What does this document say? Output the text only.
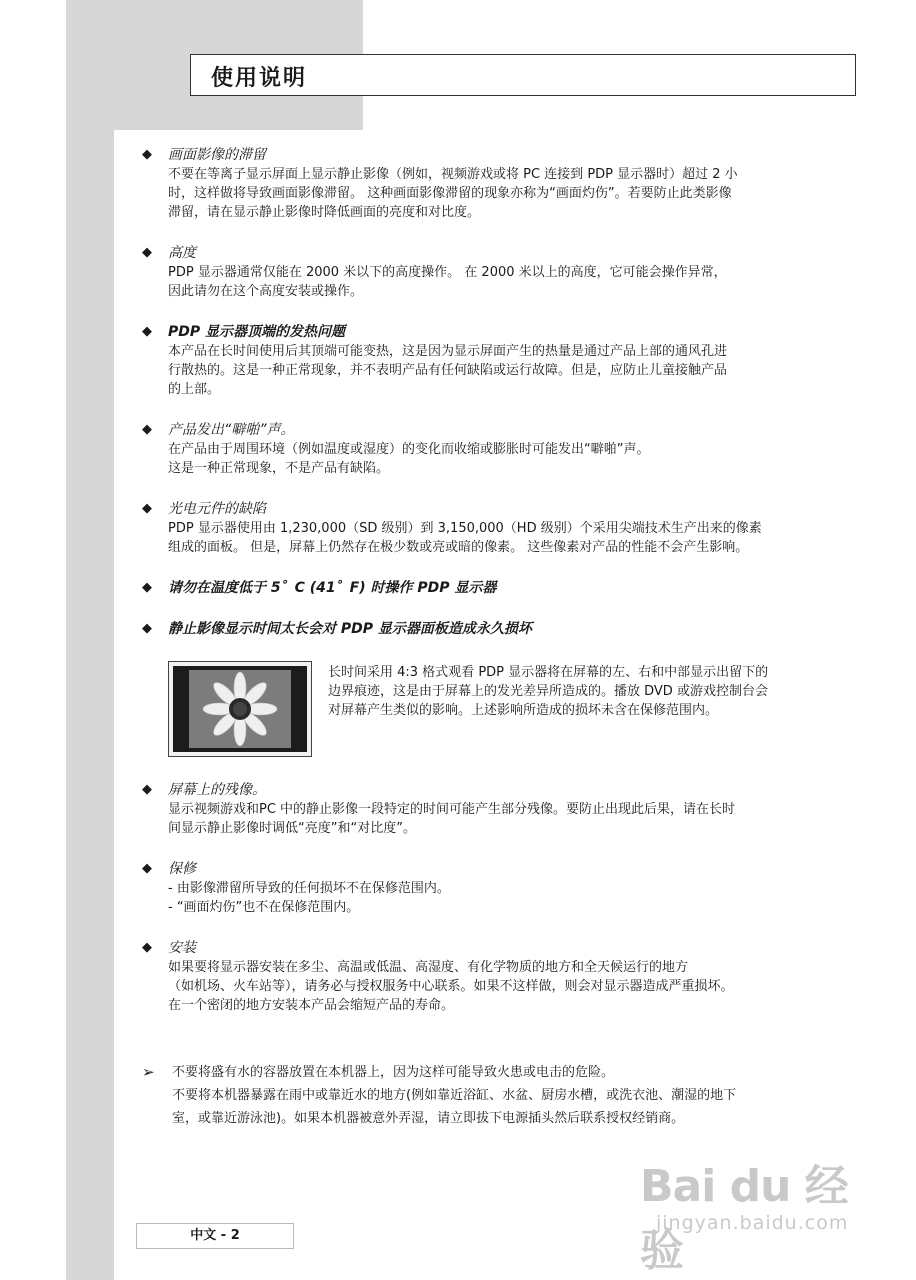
使用说明
◆ 画面影像的滞留

不要在等离子显示屏面上显示静止影像（例如，视频游戏或将 PC 连接到 PDP 显示器时）超过 2 小

时，这样做将导致画面影像滞留。 这种画面影像滞留的现象亦称为“画面灼伤”。若要防止此类影像

滞留，请在显示静止影像时降低画面的亮度和对比度。

◆ 高度

PDP 显示器通常仅能在 2000 米以下的高度操作。 在 2000 米以上的高度，它可能会操作异常，

因此请勿在这个高度安装或操作。

◆ PDP 显示器顶端的发热问题

本产品在长时间使用后其顶端可能变热，这是因为显示屏面产生的热量是通过产品上部的通风孔进

行散热的。这是一种正常现象，并不表明产品有任何缺陷或运行故障。但是，应防止儿童接触产品

的上部。

◆ 产品发出“噼啪”声。

在产品由于周围环境（例如温度或湿度）的变化而收缩或膨胀时可能发出“噼啪”声。

这是一种正常现象，不是产品有缺陷。

◆ 光电元件的缺陷

PDP 显示器使用由 1,230,000（SD 级别）到 3,150,000（HD 级别）个采用尖端技术生产出来的像素

组成的面板。 但是，屏幕上仍然存在极少数或亮或暗的像素。 这些像素对产品的性能不会产生影响。

◆ 请勿在温度低于 5゜C (41゜F) 时操作 PDP 显示器
◆ 静止影像显示时间太长会对 PDP 显示器面板造成永久损坏

长时间采用 4:3 格式观看 PDP 显示器将在屏幕的左、右和中部显示出留下的

边界痕迹，这是由于屏幕上的发光差异所造成的。播放 DVD 或游戏控制台会

对屏幕产生类似的影响。上述影响所造成的损坏未含在保修范围内。

◆ 屏幕上的残像。

显示视频游戏和PC 中的静止影像一段特定的时间可能产生部分残像。要防止出现此后果，请在长时

间显示静止影像时调低“亮度”和“对比度”。

◆ 保修

- 由影像滞留所导致的任何损坏不在保修范围内。

- “画面灼伤”也不在保修范围内。

◆ 安装

如果要将显示器安装在多尘、高温或低温、高湿度、有化学物质的地方和全天候运行的地方

（如机场、火车站等），请务必与授权服务中心联系。如果不这样做，则会对显示器造成严重损坏。

在一个密闭的地方安装本产品会缩短产品的寿命。

➢ 不要将盛有水的容器放置在本机器上，因为这样可能导致火患或电击的危险。

不要将本机器暴露在雨中或靠近水的地方(例如靠近浴缸、水盆、厨房水槽，或洗衣池、潮湿的地下

室，或靠近游泳池)。如果本机器被意外弄湿，请立即拔下电源插头然后联系授权经销商。

中文 - 2
Bai du 经验
jingyan.baidu.com
